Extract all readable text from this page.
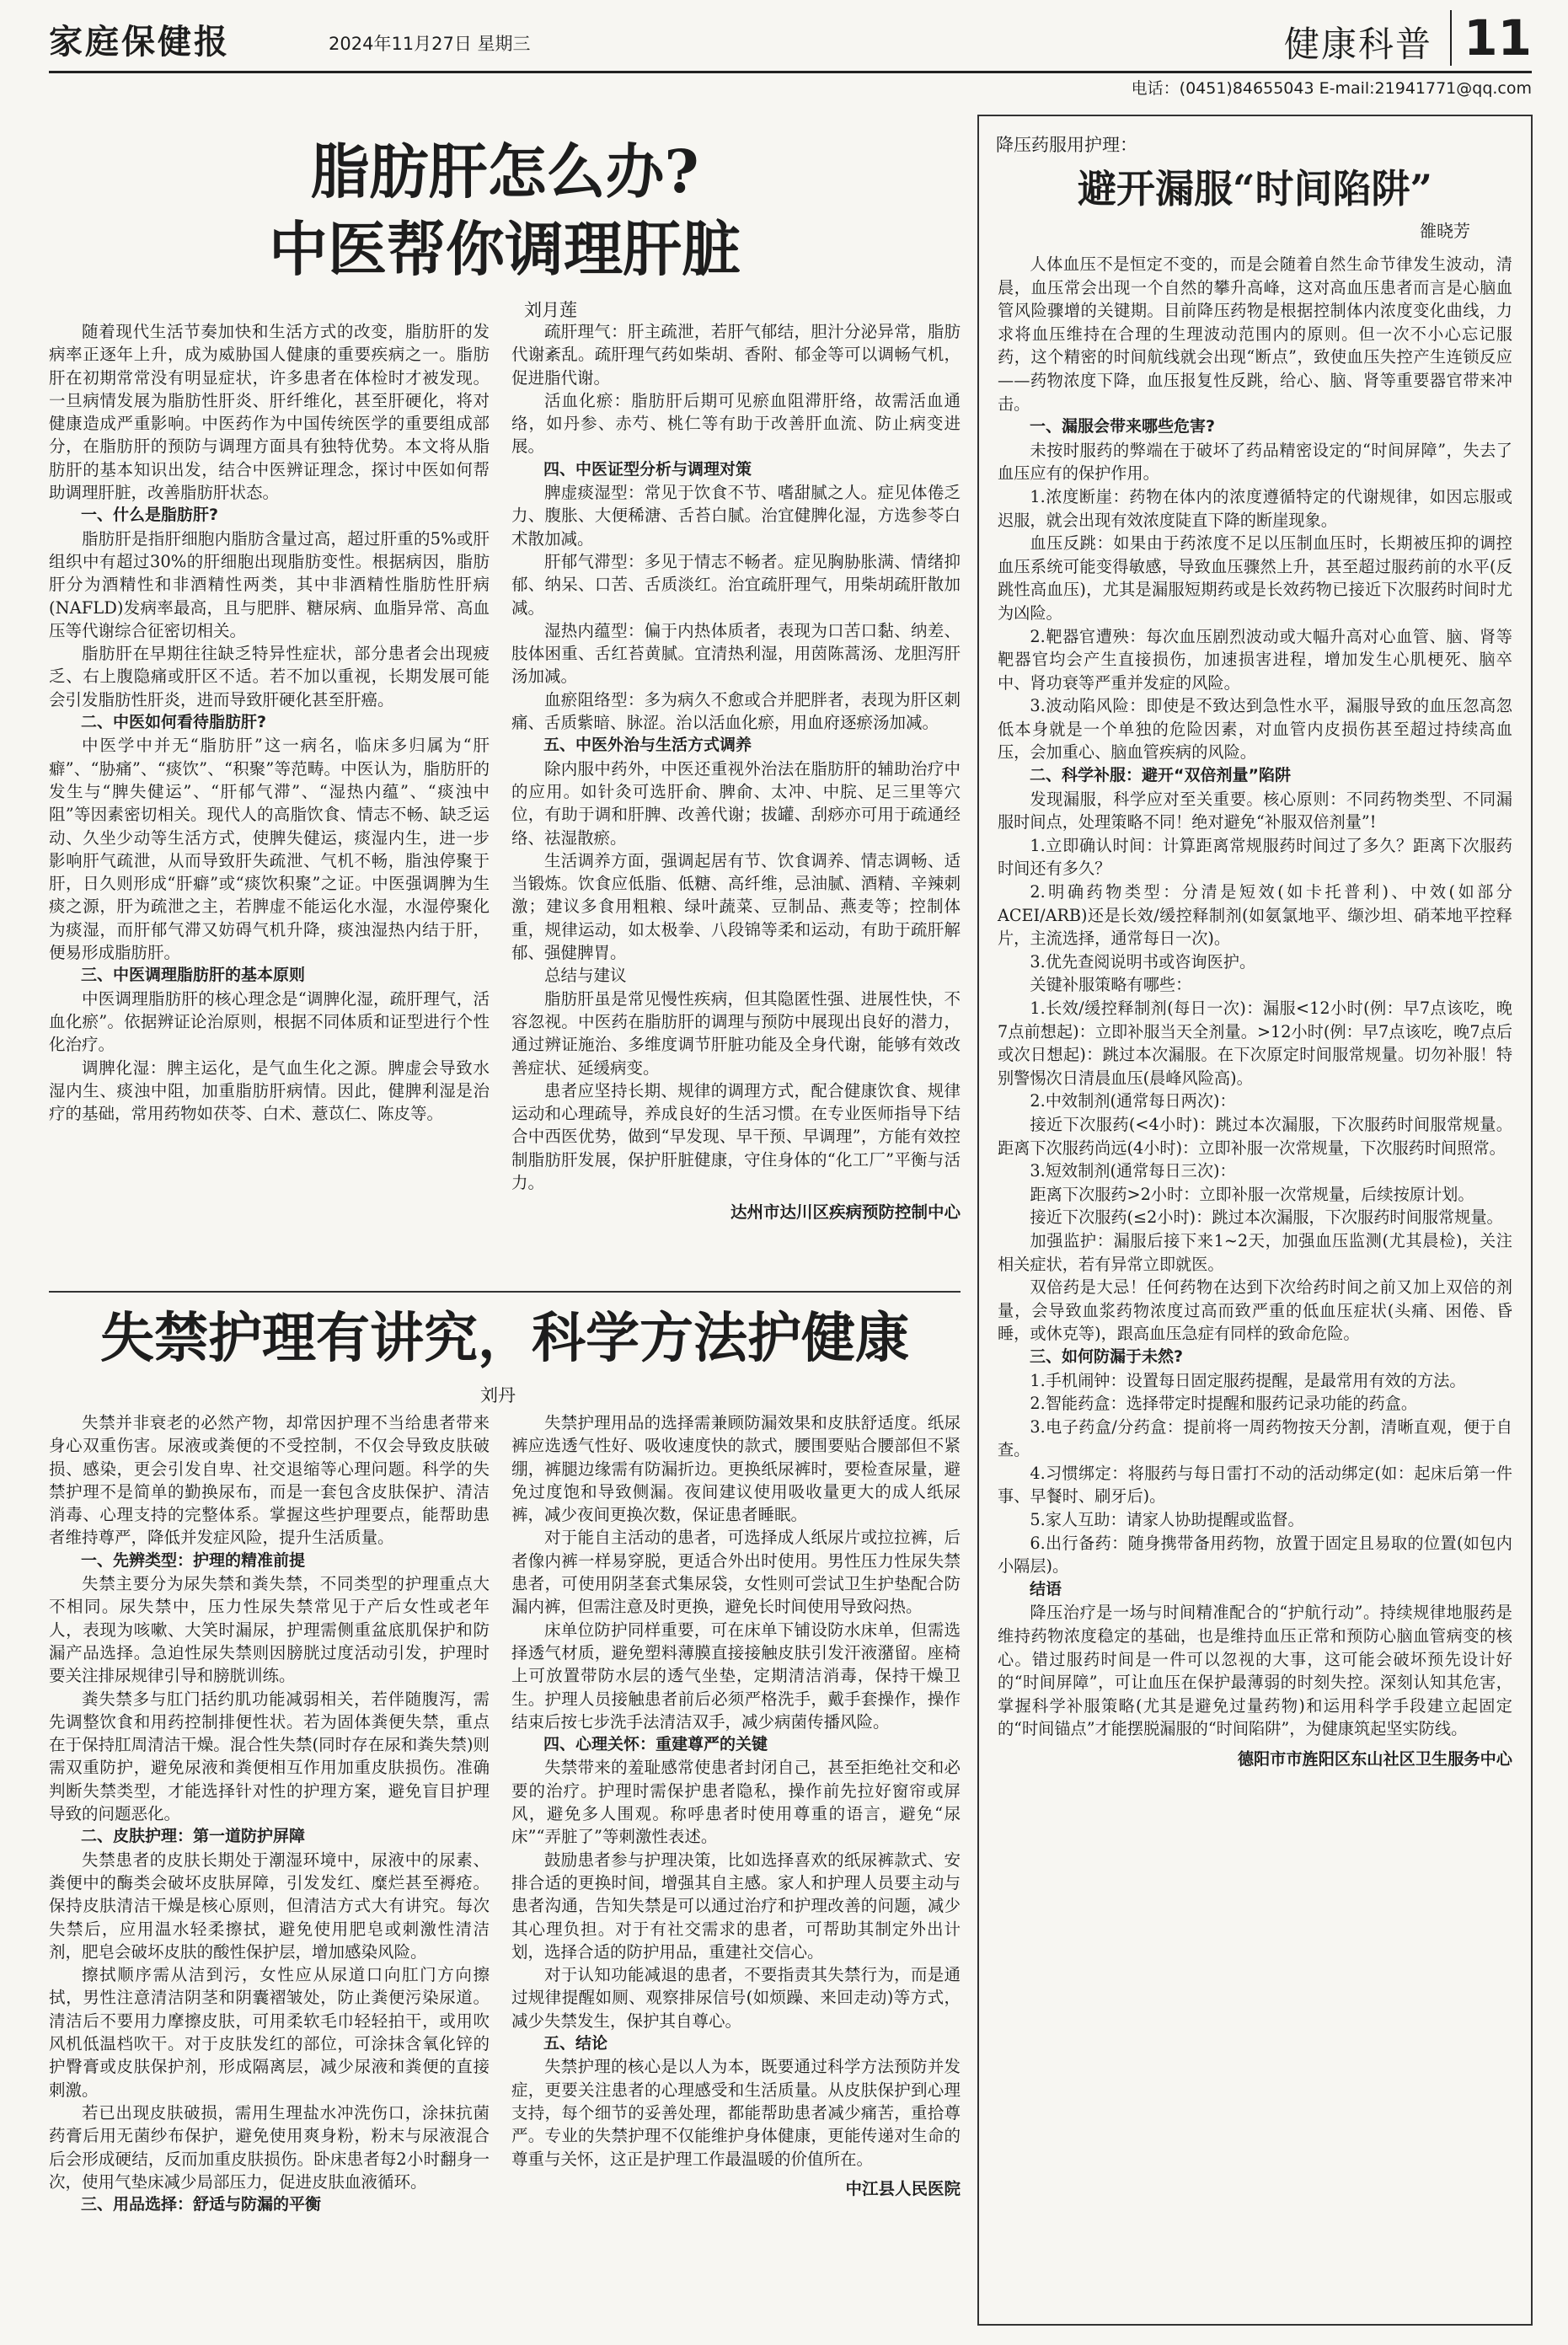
家庭保健报	2024年11月27日 星期三	健康科普 11
电话：(0451)84655043 E-mail:21941771@qq.com
脂肪肝怎么办?
中医帮你调理肝脏
刘月莲

随着现代生活节奏加快和生活方式的改变，脂肪肝的发病率正逐年上升，成为威胁国人健康的重要疾病之一。脂肪肝在初期常常没有明显症状，许多患者在体检时才被发现。一旦病情发展为脂肪性肝炎、肝纤维化，甚至肝硬化，将对健康造成严重影响。中医药作为中国传统医学的重要组成部分，在脂肪肝的预防与调理方面具有独特优势。本文将从脂肪肝的基本知识出发，结合中医辨证理念，探讨中医如何帮助调理肝脏，改善脂肪肝状态。

一、什么是脂肪肝?

脂肪肝是指肝细胞内脂肪含量过高，超过肝重的5%或肝组织中有超过30%的肝细胞出现脂肪变性。根据病因，脂肪肝分为酒精性和非酒精性两类，其中非酒精性脂肪性肝病(NAFLD)发病率最高，且与肥胖、糖尿病、血脂异常、高血压等代谢综合征密切相关。

脂肪肝在早期往往缺乏特异性症状，部分患者会出现疲乏、右上腹隐痛或肝区不适。若不加以重视，长期发展可能会引发脂肪性肝炎，进而导致肝硬化甚至肝癌。

二、中医如何看待脂肪肝?

中医学中并无“脂肪肝”这一病名，临床多归属为“肝癖”、“胁痛”、“痰饮”、“积聚”等范畴。中医认为，脂肪肝的发生与“脾失健运”、“肝郁气滞”、“湿热内蕴”、“痰浊中阻”等因素密切相关。现代人的高脂饮食、情志不畅、缺乏运动、久坐少动等生活方式，使脾失健运，痰湿内生，进一步影响肝气疏泄，从而导致肝失疏泄、气机不畅，脂浊停聚于肝，日久则形成“肝癖”或“痰饮积聚”之证。中医强调脾为生痰之源，肝为疏泄之主，若脾虚不能运化水湿，水湿停聚化为痰湿，而肝郁气滞又妨碍气机升降，痰浊湿热内结于肝，便易形成脂肪肝。

三、中医调理脂肪肝的基本原则

中医调理脂肪肝的核心理念是“调脾化湿，疏肝理气，活血化瘀”。依据辨证论治原则，根据不同体质和证型进行个性化治疗。

调脾化湿：脾主运化，是气血生化之源。脾虚会导致水湿内生、痰浊中阻，加重脂肪肝病情。因此，健脾利湿是治疗的基础，常用药物如茯苓、白术、薏苡仁、陈皮等。

疏肝理气：肝主疏泄，若肝气郁结，胆汁分泌异常，脂肪代谢紊乱。疏肝理气药如柴胡、香附、郁金等可以调畅气机，促进脂代谢。

活血化瘀：脂肪肝后期可见瘀血阻滞肝络，故需活血通络，如丹参、赤芍、桃仁等有助于改善肝血流、防止病变进展。

四、中医证型分析与调理对策

脾虚痰湿型：常见于饮食不节、嗜甜腻之人。症见体倦乏力、腹胀、大便稀溏、舌苔白腻。治宜健脾化湿，方选参苓白术散加减。

肝郁气滞型：多见于情志不畅者。症见胸胁胀满、情绪抑郁、纳呆、口苦、舌质淡红。治宜疏肝理气，用柴胡疏肝散加减。

湿热内蕴型：偏于内热体质者，表现为口苦口黏、纳差、肢体困重、舌红苔黄腻。宜清热利湿，用茵陈蒿汤、龙胆泻肝汤加减。

血瘀阻络型：多为病久不愈或合并肥胖者，表现为肝区刺痛、舌质紫暗、脉涩。治以活血化瘀，用血府逐瘀汤加减。

五、中医外治与生活方式调养

除内服中药外，中医还重视外治法在脂肪肝的辅助治疗中的应用。如针灸可选肝俞、脾俞、太冲、中脘、足三里等穴位，有助于调和肝脾、改善代谢；拔罐、刮痧亦可用于疏通经络、祛湿散瘀。

生活调养方面，强调起居有节、饮食调养、情志调畅、适当锻炼。饮食应低脂、低糖、高纤维，忌油腻、酒精、辛辣刺激；建议多食用粗粮、绿叶蔬菜、豆制品、燕麦等；控制体重，规律运动，如太极拳、八段锦等柔和运动，有助于疏肝解郁、强健脾胃。

总结与建议

脂肪肝虽是常见慢性疾病，但其隐匿性强、进展性快，不容忽视。中医药在脂肪肝的调理与预防中展现出良好的潜力，通过辨证施治、多维度调节肝脏功能及全身代谢，能够有效改善症状、延缓病变。

患者应坚持长期、规律的调理方式，配合健康饮食、规律运动和心理疏导，养成良好的生活习惯。在专业医师指导下结合中西医优势，做到“早发现、早干预、早调理”，方能有效控制脂肪肝发展，保护肝脏健康，守住身体的“化工厂”平衡与活力。

达州市达川区疾病预防控制中心

失禁护理有讲究，科学方法护健康
刘丹

失禁并非衰老的必然产物，却常因护理不当给患者带来身心双重伤害。尿液或粪便的不受控制，不仅会导致皮肤破损、感染，更会引发自卑、社交退缩等心理问题。科学的失禁护理不是简单的勤换尿布，而是一套包含皮肤保护、清洁消毒、心理支持的完整体系。掌握这些护理要点，能帮助患者维持尊严，降低并发症风险，提升生活质量。

一、先辨类型：护理的精准前提

失禁主要分为尿失禁和粪失禁，不同类型的护理重点大不相同。尿失禁中，压力性尿失禁常见于产后女性或老年人，表现为咳嗽、大笑时漏尿，护理需侧重盆底肌保护和防漏产品选择。急迫性尿失禁则因膀胱过度活动引发，护理时要关注排尿规律引导和膀胱训练。

粪失禁多与肛门括约肌功能减弱相关，若伴随腹泻，需先调整饮食和用药控制排便性状。若为固体粪便失禁，重点在于保持肛周清洁干燥。混合性失禁(同时存在尿和粪失禁)则需双重防护，避免尿液和粪便相互作用加重皮肤损伤。准确判断失禁类型，才能选择针对性的护理方案，避免盲目护理导致的问题恶化。

二、皮肤护理：第一道防护屏障

失禁患者的皮肤长期处于潮湿环境中，尿液中的尿素、粪便中的酶类会破坏皮肤屏障，引发发红、糜烂甚至褥疮。保持皮肤清洁干燥是核心原则，但清洁方式大有讲究。每次失禁后，应用温水轻柔擦拭，避免使用肥皂或刺激性清洁剂，肥皂会破坏皮肤的酸性保护层，增加感染风险。

擦拭顺序需从洁到污，女性应从尿道口向肛门方向擦拭，男性注意清洁阴茎和阴囊褶皱处，防止粪便污染尿道。清洁后不要用力摩擦皮肤，可用柔软毛巾轻轻拍干，或用吹风机低温档吹干。对于皮肤发红的部位，可涂抹含氧化锌的护臀膏或皮肤保护剂，形成隔离层，减少尿液和粪便的直接刺激。

若已出现皮肤破损，需用生理盐水冲洗伤口，涂抹抗菌药膏后用无菌纱布保护，避免使用爽身粉，粉末与尿液混合后会形成硬结，反而加重皮肤损伤。卧床患者每2小时翻身一次，使用气垫床减少局部压力，促进皮肤血液循环。

三、用品选择：舒适与防漏的平衡

失禁护理用品的选择需兼顾防漏效果和皮肤舒适度。纸尿裤应选透气性好、吸收速度快的款式，腰围要贴合腰部但不紧绷，裤腿边缘需有防漏折边。更换纸尿裤时，要检查尿量，避免过度饱和导致侧漏。夜间建议使用吸收量更大的成人纸尿裤，减少夜间更换次数，保证患者睡眠。

对于能自主活动的患者，可选择成人纸尿片或拉拉裤，后者像内裤一样易穿脱，更适合外出时使用。男性压力性尿失禁患者，可使用阴茎套式集尿袋，女性则可尝试卫生护垫配合防漏内裤，但需注意及时更换，避免长时间使用导致闷热。

床单位防护同样重要，可在床单下铺设防水床单，但需选择透气材质，避免塑料薄膜直接接触皮肤引发汗液潴留。座椅上可放置带防水层的透气坐垫，定期清洁消毒，保持干燥卫生。护理人员接触患者前后必须严格洗手，戴手套操作，操作结束后按七步洗手法清洁双手，减少病菌传播风险。

四、心理关怀：重建尊严的关键

失禁带来的羞耻感常使患者封闭自己，甚至拒绝社交和必要的治疗。护理时需保护患者隐私，操作前先拉好窗帘或屏风，避免多人围观。称呼患者时使用尊重的语言，避免“尿床”“弄脏了”等刺激性表述。

鼓励患者参与护理决策，比如选择喜欢的纸尿裤款式、安排合适的更换时间，增强其自主感。家人和护理人员要主动与患者沟通，告知失禁是可以通过治疗和护理改善的问题，减少其心理负担。对于有社交需求的患者，可帮助其制定外出计划，选择合适的防护用品，重建社交信心。

对于认知功能减退的患者，不要指责其失禁行为，而是通过规律提醒如厕、观察排尿信号(如烦躁、来回走动)等方式，减少失禁发生，保护其自尊心。

五、结论

失禁护理的核心是以人为本，既要通过科学方法预防并发症，更要关注患者的心理感受和生活质量。从皮肤保护到心理支持，每个细节的妥善处理，都能帮助患者减少痛苦，重拾尊严。专业的失禁护理不仅能维护身体健康，更能传递对生命的尊重与关怀，这正是护理工作最温暖的价值所在。

中江县人民医院

降压药服用护理：
避开漏服“时间陷阱”
雒晓芳

人体血压不是恒定不变的，而是会随着自然生命节律发生波动，清晨，血压常会出现一个自然的攀升高峰，这对高血压患者而言是心脑血管风险骤增的关键期。目前降压药物是根据控制体内浓度变化曲线，力求将血压维持在合理的生理波动范围内的原则。但一次不小心忘记服药，这个精密的时间航线就会出现“断点”，致使血压失控产生连锁反应——药物浓度下降，血压报复性反跳，给心、脑、肾等重要器官带来冲击。

一、漏服会带来哪些危害?

未按时服药的弊端在于破坏了药品精密设定的“时间屏障”，失去了血压应有的保护作用。

1.浓度断崖：药物在体内的浓度遵循特定的代谢规律，如因忘服或迟服，就会出现有效浓度陡直下降的断崖现象。

血压反跳：如果由于药浓度不足以压制血压时，长期被压抑的调控血压系统可能变得敏感，导致血压骤然上升，甚至超过服药前的水平(反跳性高血压)，尤其是漏服短期药或是长效药物已接近下次服药时间时尤为凶险。

2.靶器官遭殃：每次血压剧烈波动或大幅升高对心血管、脑、肾等靶器官均会产生直接损伤，加速损害进程，增加发生心肌梗死、脑卒中、肾功衰等严重并发症的风险。

3.波动陷风险：即使是不致达到急性水平，漏服导致的血压忽高忽低本身就是一个单独的危险因素，对血管内皮损伤甚至超过持续高血压，会加重心、脑血管疾病的风险。

二、科学补服：避开“双倍剂量”陷阱

发现漏服，科学应对至关重要。核心原则：不同药物类型、不同漏服时间点，处理策略不同！绝对避免“补服双倍剂量”!

1.立即确认时间：计算距离常规服药时间过了多久？距离下次服药时间还有多久？

2.明确药物类型：分清是短效(如卡托普利)、中效(如部分ACEI/ARB)还是长效/缓控释制剂(如氨氯地平、缬沙坦、硝苯地平控释片，主流选择，通常每日一次)。

3.优先查阅说明书或咨询医护。

关键补服策略有哪些：

1.长效/缓控释制剂(每日一次)：漏服<12小时(例：早7点该吃，晚7点前想起)：立即补服当天全剂量。>12小时(例：早7点该吃，晚7点后或次日想起)：跳过本次漏服。在下次原定时间服常规量。切勿补服！特别警惕次日清晨血压(晨峰风险高)。

2.中效制剂(通常每日两次)：

接近下次服药(<4小时)：跳过本次漏服，下次服药时间服常规量。距离下次服药尚远(4小时)：立即补服一次常规量，下次服药时间照常。

3.短效制剂(通常每日三次)：

距离下次服药>2小时：立即补服一次常规量，后续按原计划。

接近下次服药(≤2小时)：跳过本次漏服，下次服药时间服常规量。

加强监护：漏服后接下来1~2天，加强血压监测(尤其晨检)，关注相关症状，若有异常立即就医。

双倍药是大忌！任何药物在达到下次给药时间之前又加上双倍的剂量，会导致血浆药物浓度过高而致严重的低血压症状(头痛、困倦、昏睡，或休克等)，跟高血压急症有同样的致命危险。

三、如何防漏于未然?

1.手机闹钟：设置每日固定服药提醒，是最常用有效的方法。

2.智能药盒：选择带定时提醒和服药记录功能的药盒。

3.电子药盒/分药盒：提前将一周药物按天分割，清晰直观，便于自查。

4.习惯绑定：将服药与每日雷打不动的活动绑定(如：起床后第一件事、早餐时、刷牙后)。

5.家人互助：请家人协助提醒或监督。

6.出行备药：随身携带备用药物，放置于固定且易取的位置(如包内小隔层)。

结语

降压治疗是一场与时间精准配合的“护航行动”。持续规律地服药是维持药物浓度稳定的基础，也是维持血压正常和预防心脑血管病变的核心。错过服药时间是一件可以忽视的大事，这可能会破坏预先设计好的“时间屏障”，可让血压在保护最薄弱的时刻失控。深刻认知其危害，掌握科学补服策略(尤其是避免过量药物)和运用科学手段建立起固定的“时间锚点”才能摆脱漏服的“时间陷阱”，为健康筑起坚实防线。

德阳市市旌阳区东山社区卫生服务中心
